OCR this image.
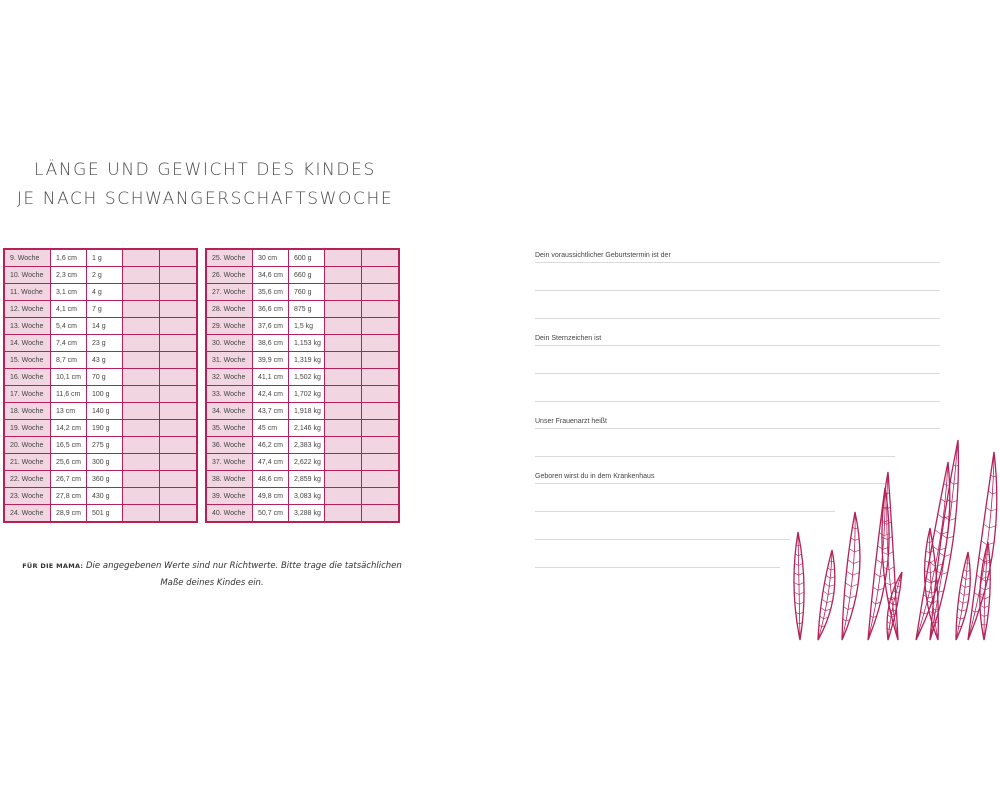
LÄNGE UND GEWICHT DES KINDES
JE NACH SCHWANGERSCHAFTSWOCHE
9. Woche	1,6 cm	1 g		
10. Woche	2,3 cm	2 g		
11. Woche	3,1 cm	4 g		
12. Woche	4,1 cm	7 g		
13. Woche	5,4 cm	14 g		
14. Woche	7,4 cm	23 g		
15. Woche	8,7 cm	43 g		
16. Woche	10,1 cm	70 g		
17. Woche	11,6 cm	100 g		
18. Woche	13 cm	140 g		
19. Woche	14,2 cm	190 g		
20. Woche	16,5 cm	275 g		
21. Woche	25,6 cm	300 g		
22. Woche	26,7 cm	360 g		
23. Woche	27,8 cm	430 g		
24. Woche	28,9 cm	501 g		
25. Woche	30 cm	600 g		
26. Woche	34,6 cm	660 g		
27. Woche	35,6 cm	760 g		
28. Woche	36,6 cm	875 g		
29. Woche	37,6 cm	1,5 kg		
30. Woche	38,6 cm	1,153 kg		
31. Woche	39,9 cm	1,319 kg		
32. Woche	41,1 cm	1,502 kg		
33. Woche	42,4 cm	1,702 kg		
34. Woche	43,7 cm	1,918 kg		
35. Woche	45 cm	2,146 kg		
36. Woche	46,2 cm	2,383 kg		
37. Woche	47,4 cm	2,622 kg		
38. Woche	48,6 cm	2,859 kg		
39. Woche	49,8 cm	3,083 kg		
40. Woche	50,7 cm	3,288 kg		
FÜR DIE MAMA: Die angegebenen Werte sind nur Richtwerte. Bitte trage die tatsächlichen Maße deines Kindes ein.
Dein voraussichtlicher Geburtstermin ist der
Dein Sternzeichen ist
Unser Frauenarzt heißt
Geboren wirst du in dem Krankenhaus
